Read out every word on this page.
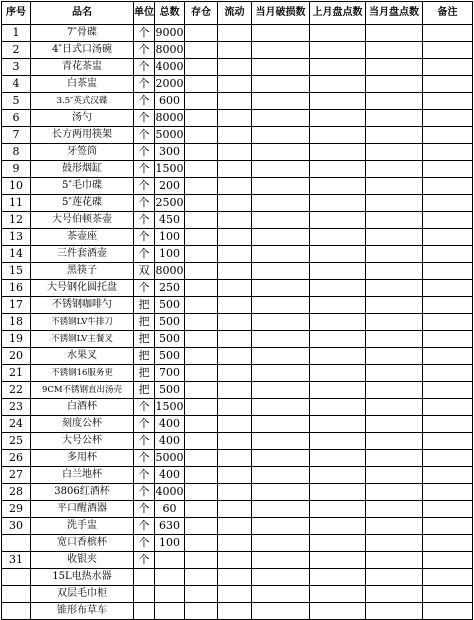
序号	品名	单位	总数	存仓	流动	当月破损数	上月盘点数	当月盘点数	备注
1	7″骨碟	个	9000						
2	4″日式口汤碗	个	8000						
3	青花茶盅	个	4000						
4	白茶盅	个	2000						
5	3.5″英式汉碟	个	600						
6	汤勺	个	8000						
7	长方两用筷架	个	5000						
8	牙签筒	个	300						
9	鼓形烟缸	个	1500						
10	5″毛巾碟	个	200						
11	5″莲花碟	个	2500						
12	大号伯顿茶壶	个	450						
13	茶壶座	个	100						
14	三件套酒壶	个	100						
15	黑筷子	双	8000						
16	大号钢化圆托盘	个	250						
17	不锈钢咖啡勺	把	500						
18	不锈钢LV牛排刀	把	500						
19	不锈钢LV主餐叉	把	500						
20	水果叉	把	500						
21	不锈钢16服务更	把	700						
22	9CM不锈钢直出汤壳	把	500						
23	白酒杯	个	1500						
24	刻度公杯	个	400						
25	大号公杯	个	400						
26	多用杯	个	5000						
27	白兰地杯	个	400						
28	3806红酒杯	个	4000						
29	平口醒酒器	个	60						
30	洗手盅	个	630						
	宽口香槟杯	个	100						
31	收银夹	个							
	15L电热水器								
	双层毛巾柜								
	锥形布草车								
